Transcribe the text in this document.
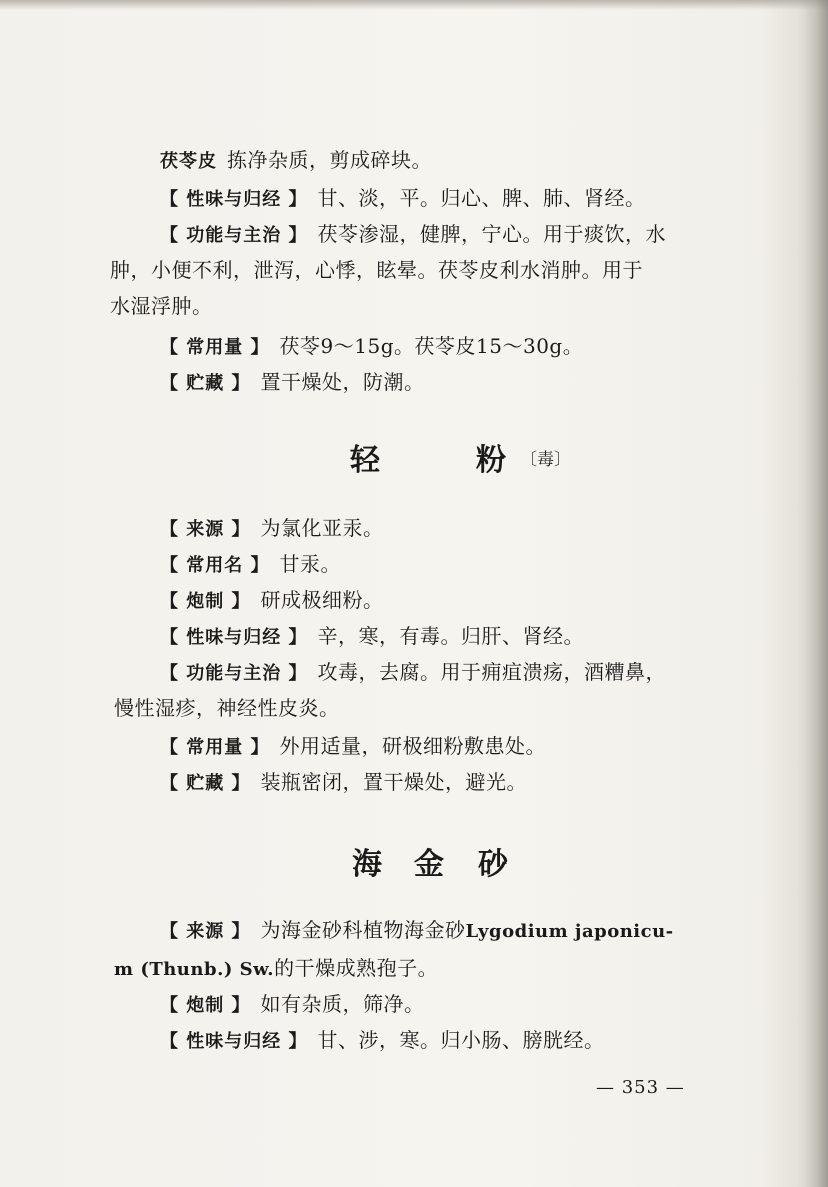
茯苓皮 拣净杂质，剪成碎块。
【 性味与归经 】 甘、淡，平。归心、脾、肺、肾经。
【 功能与主治 】 茯苓渗湿，健脾，宁心。用于痰饮，水
肿，小便不利，泄泻，心悸，眩晕。茯苓皮利水消肿。用于
水湿浮肿。
【 常用量 】 茯苓9～15g。茯苓皮15～30g。
【 贮藏 】 置干燥处，防潮。
轻	粉 〔毒〕
【 来源 】 为氯化亚汞。
【 常用名 】 甘汞。
【 炮制 】 研成极细粉。
【 性味与归经 】 辛，寒，有毒。归肝、肾经。
【 功能与主治 】 攻毒，去腐。用于痈疽溃疡，酒糟鼻，
慢性湿疹，神经性皮炎。
【 常用量 】 外用适量，研极细粉敷患处。
【 贮藏 】 装瓶密闭，置干燥处，避光。
海 金 砂
【 来源 】 为海金砂科植物海金砂Lygodium japonicu-
m (Thunb.) Sw.的干燥成熟孢子。
【 炮制 】 如有杂质，筛净。
【 性味与归经 】 甘、涉，寒。归小肠、膀胱经。
— 353 —
